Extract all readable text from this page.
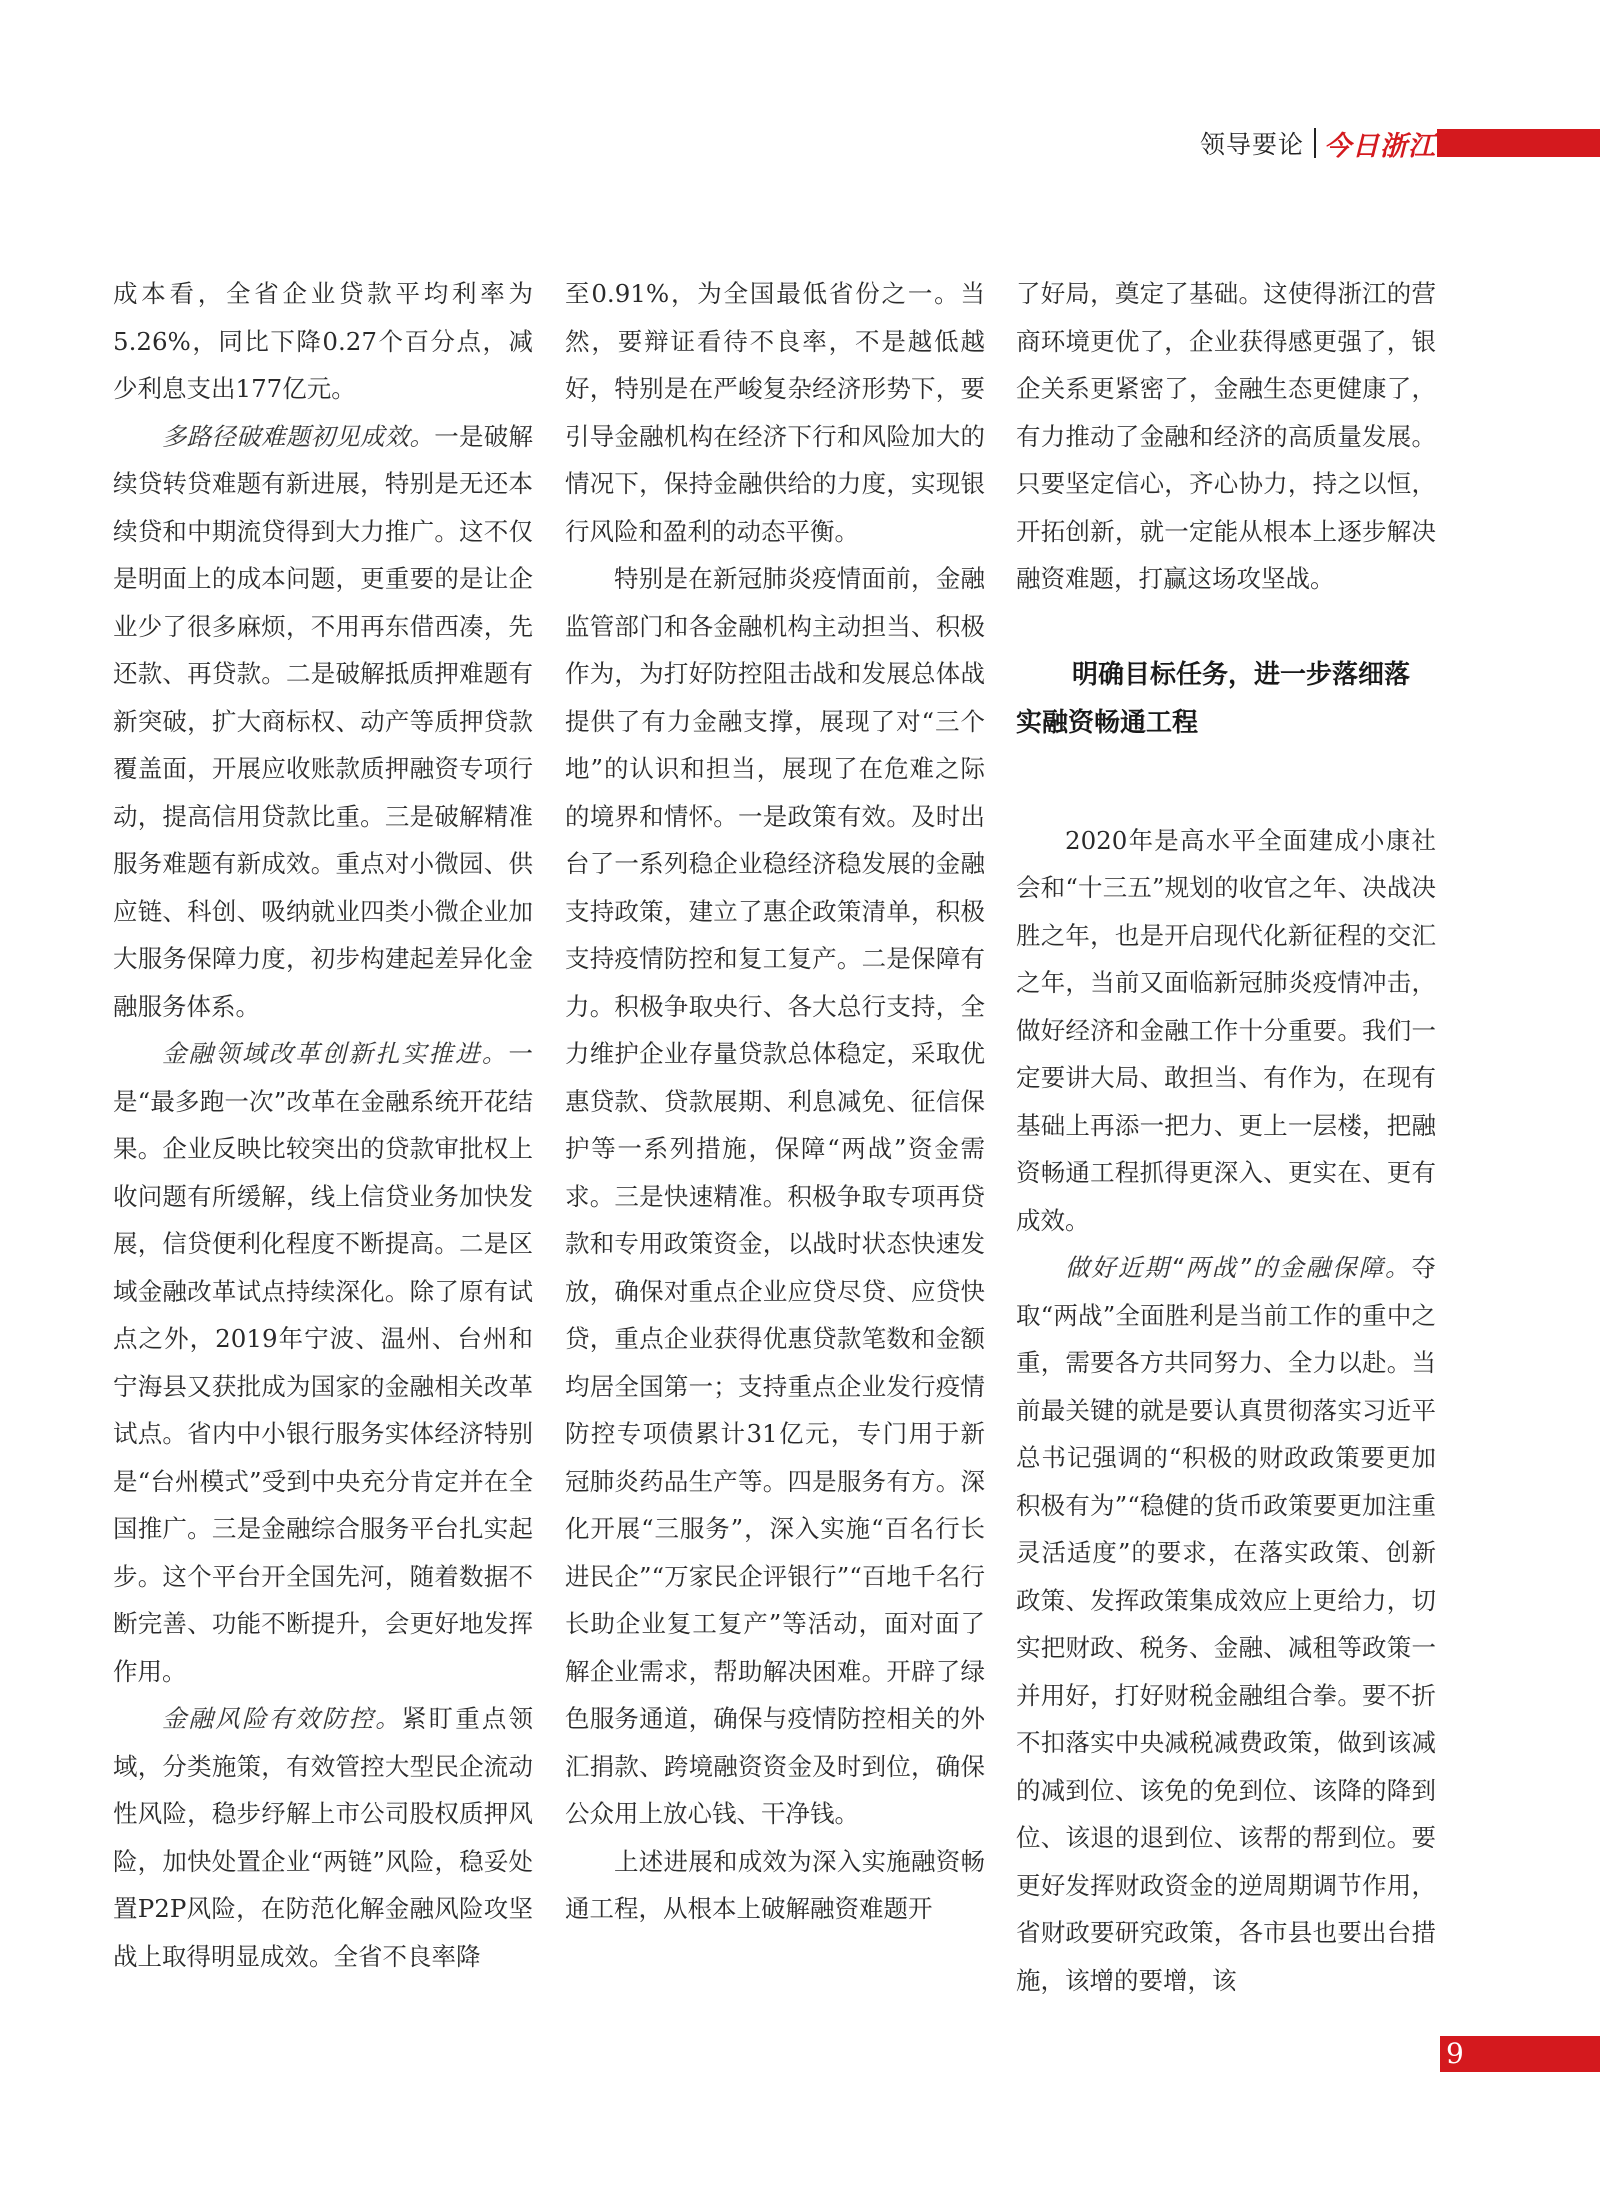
领导要论 今日浙江

成本看，全省企业贷款平均利率为5.26%，同比下降0.27个百分点，减少利息支出177亿元。

多路径破难题初见成效。一是破解续贷转贷难题有新进展，特别是无还本续贷和中期流贷得到大力推广。这不仅是明面上的成本问题，更重要的是让企业少了很多麻烦，不用再东借西凑，先还款、再贷款。二是破解抵质押难题有新突破，扩大商标权、动产等质押贷款覆盖面，开展应收账款质押融资专项行动，提高信用贷款比重。三是破解精准服务难题有新成效。重点对小微园、供应链、科创、吸纳就业四类小微企业加大服务保障力度，初步构建起差异化金融服务体系。

金融领域改革创新扎实推进。一是“最多跑一次”改革在金融系统开花结果。企业反映比较突出的贷款审批权上收问题有所缓解，线上信贷业务加快发展，信贷便利化程度不断提高。二是区域金融改革试点持续深化。除了原有试点之外，2019年宁波、温州、台州和宁海县又获批成为国家的金融相关改革试点。省内中小银行服务实体经济特别是“台州模式”受到中央充分肯定并在全国推广。三是金融综合服务平台扎实起步。这个平台开全国先河，随着数据不断完善、功能不断提升，会更好地发挥作用。

金融风险有效防控。紧盯重点领域，分类施策，有效管控大型民企流动性风险，稳步纾解上市公司股权质押风险，加快处置企业“两链”风险，稳妥处置P2P风险，在防范化解金融风险攻坚战上取得明显成效。全省不良率降

至0.91%，为全国最低省份之一。当然，要辩证看待不良率，不是越低越好，特别是在严峻复杂经济形势下，要引导金融机构在经济下行和风险加大的情况下，保持金融供给的力度，实现银行风险和盈利的动态平衡。

特别是在新冠肺炎疫情面前，金融监管部门和各金融机构主动担当、积极作为，为打好防控阻击战和发展总体战提供了有力金融支撑，展现了对“三个地”的认识和担当，展现了在危难之际的境界和情怀。一是政策有效。及时出台了一系列稳企业稳经济稳发展的金融支持政策，建立了惠企政策清单，积极支持疫情防控和复工复产。二是保障有力。积极争取央行、各大总行支持，全力维护企业存量贷款总体稳定，采取优惠贷款、贷款展期、利息减免、征信保护等一系列措施，保障“两战”资金需求。三是快速精准。积极争取专项再贷款和专用政策资金，以战时状态快速发放，确保对重点企业应贷尽贷、应贷快贷，重点企业获得优惠贷款笔数和金额均居全国第一；支持重点企业发行疫情防控专项债累计31亿元，专门用于新冠肺炎药品生产等。四是服务有方。深化开展“三服务”，深入实施“百名行长进民企”“万家民企评银行”“百地千名行长助企业复工复产”等活动，面对面了解企业需求，帮助解决困难。开辟了绿色服务通道，确保与疫情防控相关的外汇捐款、跨境融资资金及时到位，确保公众用上放心钱、干净钱。

上述进展和成效为深入实施融资畅通工程，从根本上破解融资难题开

了好局，奠定了基础。这使得浙江的营商环境更优了，企业获得感更强了，银企关系更紧密了，金融生态更健康了，有力推动了金融和经济的高质量发展。只要坚定信心，齐心协力，持之以恒，开拓创新，就一定能从根本上逐步解决融资难题，打赢这场攻坚战。

明确目标任务，进一步落细落
实融资畅通工程

2020年是高水平全面建成小康社会和“十三五”规划的收官之年、决战决胜之年，也是开启现代化新征程的交汇之年，当前又面临新冠肺炎疫情冲击，做好经济和金融工作十分重要。我们一定要讲大局、敢担当、有作为，在现有基础上再添一把力、更上一层楼，把融资畅通工程抓得更深入、更实在、更有成效。

做好近期“两战”的金融保障。夺取“两战”全面胜利是当前工作的重中之重，需要各方共同努力、全力以赴。当前最关键的就是要认真贯彻落实习近平总书记强调的“积极的财政政策要更加积极有为”“稳健的货币政策要更加注重灵活适度”的要求，在落实政策、创新政策、发挥政策集成效应上更给力，切实把财政、税务、金融、减租等政策一并用好，打好财税金融组合拳。要不折不扣落实中央减税减费政策，做到该减的减到位、该免的免到位、该降的降到位、该退的退到位、该帮的帮到位。要更好发挥财政资金的逆周期调节作用，省财政要研究政策，各市县也要出台措施，该增的要增，该

9
